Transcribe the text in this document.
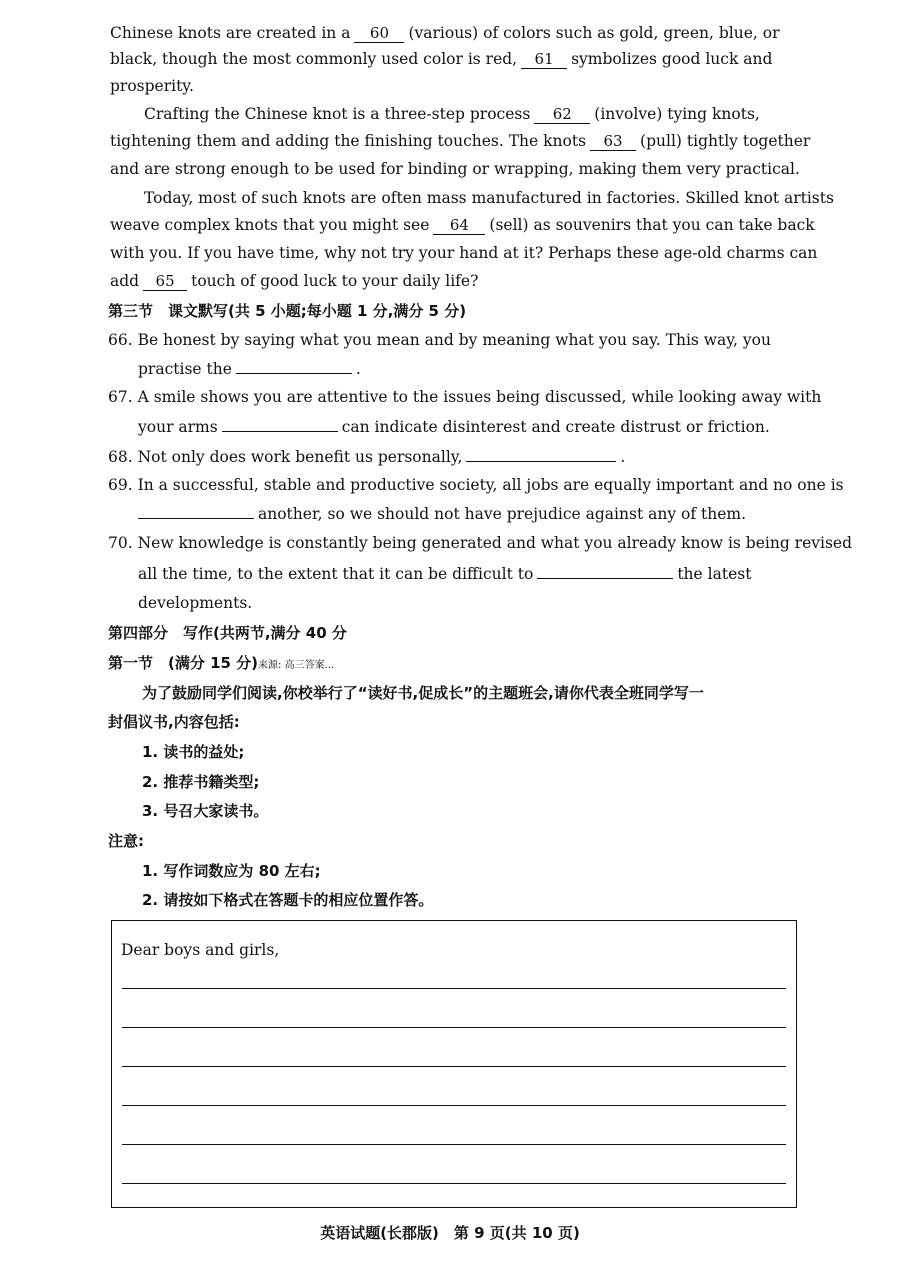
Chinese knots are created in a 60 (various) of colors such as gold, green, blue, or
black, though the most commonly used color is red, 61 symbolizes good luck and
prosperity.
Crafting the Chinese knot is a three-step process 62 (involve) tying knots,
tightening them and adding the finishing touches. The knots 63 (pull) tightly together
and are strong enough to be used for binding or wrapping, making them very practical.
Today, most of such knots are often mass manufactured in factories. Skilled knot artists
weave complex knots that you might see 64 (sell) as souvenirs that you can take back
with you. If you have time, why not try your hand at it? Perhaps these age-old charms can
add 65 touch of good luck to your daily life?
第三节　课文默写(共 5 小题;每小题 1 分,满分 5 分)
66. Be honest by saying what you mean and by meaning what you say. This way, you
practise the	.
67. A smile shows you are attentive to the issues being discussed, while looking away with
your arms	can indicate disinterest and create distrust or friction.
68. Not only does work benefit us personally,	.
69. In a successful, stable and productive society, all jobs are equally important and no one is
another, so we should not have prejudice against any of them.
70. New knowledge is constantly being generated and what you already know is being revised
all the time, to the extent that it can be difficult to	the latest
developments.
第四部分　写作(共两节,满分 40 分
第一节　(满分 15 分)来源: 高三答案...
为了鼓励同学们阅读,你校举行了“读好书,促成长”的主题班会,请你代表全班同学写一
封倡议书,内容包括:
1. 读书的益处;
2. 推荐书籍类型;
3. 号召大家读书。
注意:
1. 写作词数应为 80 左右;
2. 请按如下格式在答题卡的相应位置作答。
Dear boys and girls,
英语试题(长郡版)　第 9 页(共 10 页)
